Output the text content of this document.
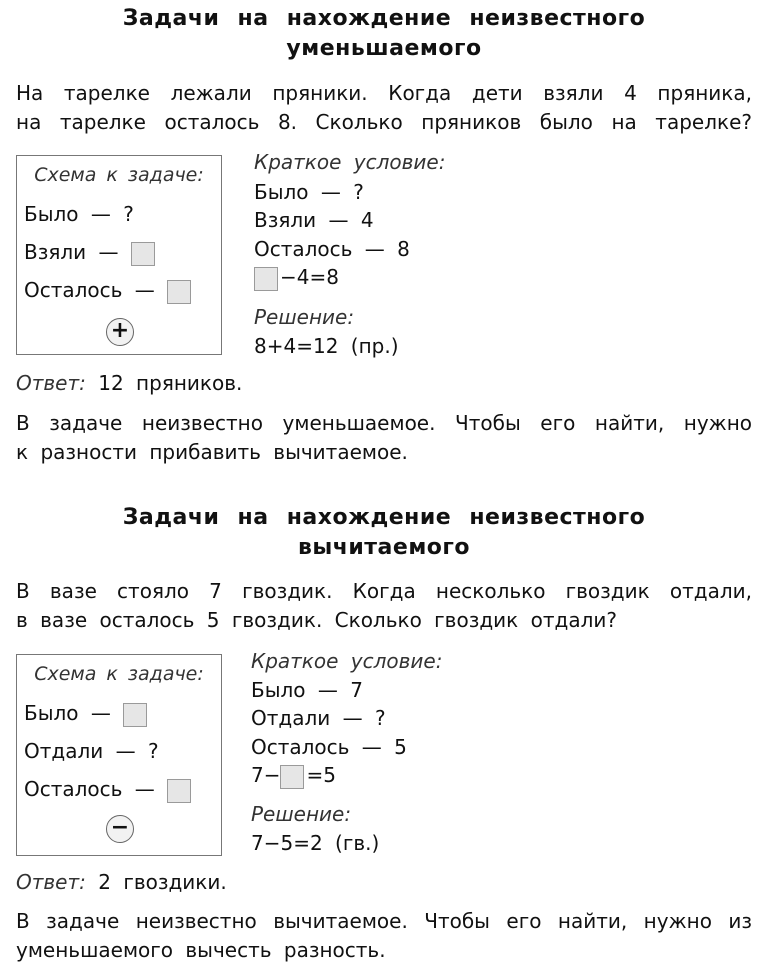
Задачи на нахождение неизвестного
уменьшаемого
На тарелке лежали пряники. Когда дети взяли 4 пряника,
на тарелке осталось 8. Сколько пряников было на тарелке?
Схема к задаче:
Было — ?
Взяли —
Осталось —
+
Краткое условие:
Было — ?
Взяли — 4
Осталось — 8
−4=8
Решение:
8+4=12 (пр.)
Ответ: 12 пряников.
В задаче неизвестно уменьшаемое. Чтобы его найти, нужно
к разности прибавить вычитаемое.
Задачи на нахождение неизвестного
вычитаемого
В вазе стояло 7 гвоздик. Когда несколько гвоздик отдали,
в вазе осталось 5 гвоздик. Сколько гвоздик отдали?
Схема к задаче:
Было —
Отдали — ?
Осталось —
−
Краткое условие:
Было — 7
Отдали — ?
Осталось — 5
7− =5
Решение:
7−5=2 (гв.)
Ответ: 2 гвоздики.
В задаче неизвестно вычитаемое. Чтобы его найти, нужно из
уменьшаемого вычесть разность.
